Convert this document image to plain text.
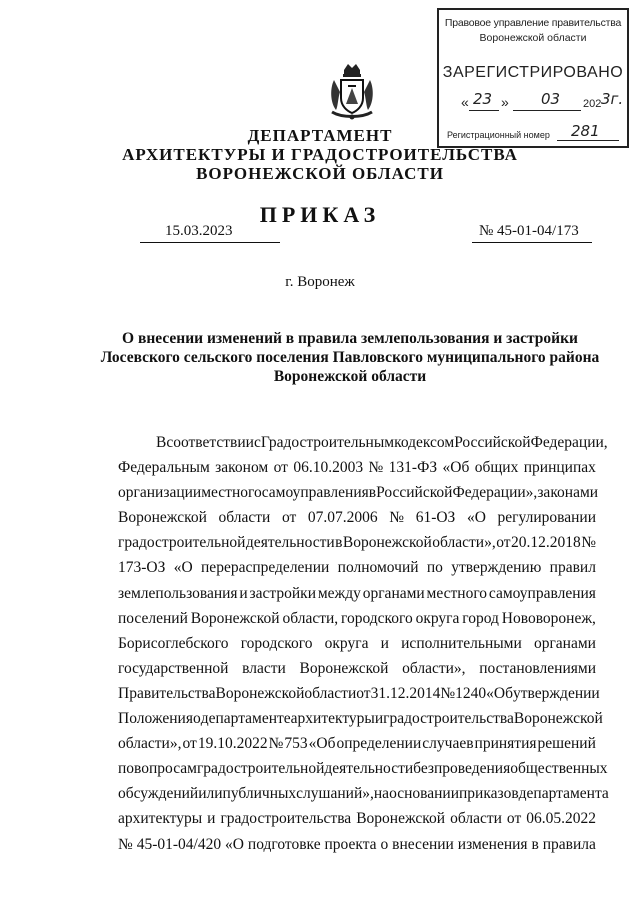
Правовое управление правительства
Воронежской области
ЗАРЕГИСТРИРОВАНО
« 23 » 03 202 3г.
Регистрационный номер 281
ДЕПАРТАМЕНТ
АРХИТЕКТУРЫ И ГРАДОСТРОИТЕЛЬСТВА
ВОРОНЕЖСКОЙ ОБЛАСТИ
ПРИКАЗ
15.03.2023	№ 45-01-04/173
г. Воронеж
О внесении изменений в правила землепользования и застройки
Лосевского сельского поселения Павловского муниципального района
Воронежской области
В соответствии с Градостроительным кодексом Российской Федерации,
Федеральным законом от 06.10.2003 № 131-ФЗ «Об общих принципах
организации местного самоуправления в Российской Федерации», законами
Воронежской области от 07.07.2006 № 61-ОЗ «О регулировании
градостроительной деятельности в Воронежской области», от 20.12.2018 №
173-ОЗ «О перераспределении полномочий по утверждению правил
землепользования и застройки между органами местного самоуправления
поселений Воронежской области, городского округа город Нововоронеж,
Борисоглебского городского округа и исполнительными органами
государственной власти Воронежской области», постановлениями
Правительства Воронежской области от 31.12.2014 № 1240 «Об утверждении
Положения о департаменте архитектуры и градостроительства Воронежской
области», от 19.10.2022 № 753 «Об определении случаев принятия решений
по вопросам градостроительной деятельности без проведения общественных
обсуждений или публичных слушаний», на основании приказов департамента
архитектуры и градостроительства Воронежской области от 06.05.2022
№ 45-01-04/420 «О подготовке проекта о внесении изменения в правила
